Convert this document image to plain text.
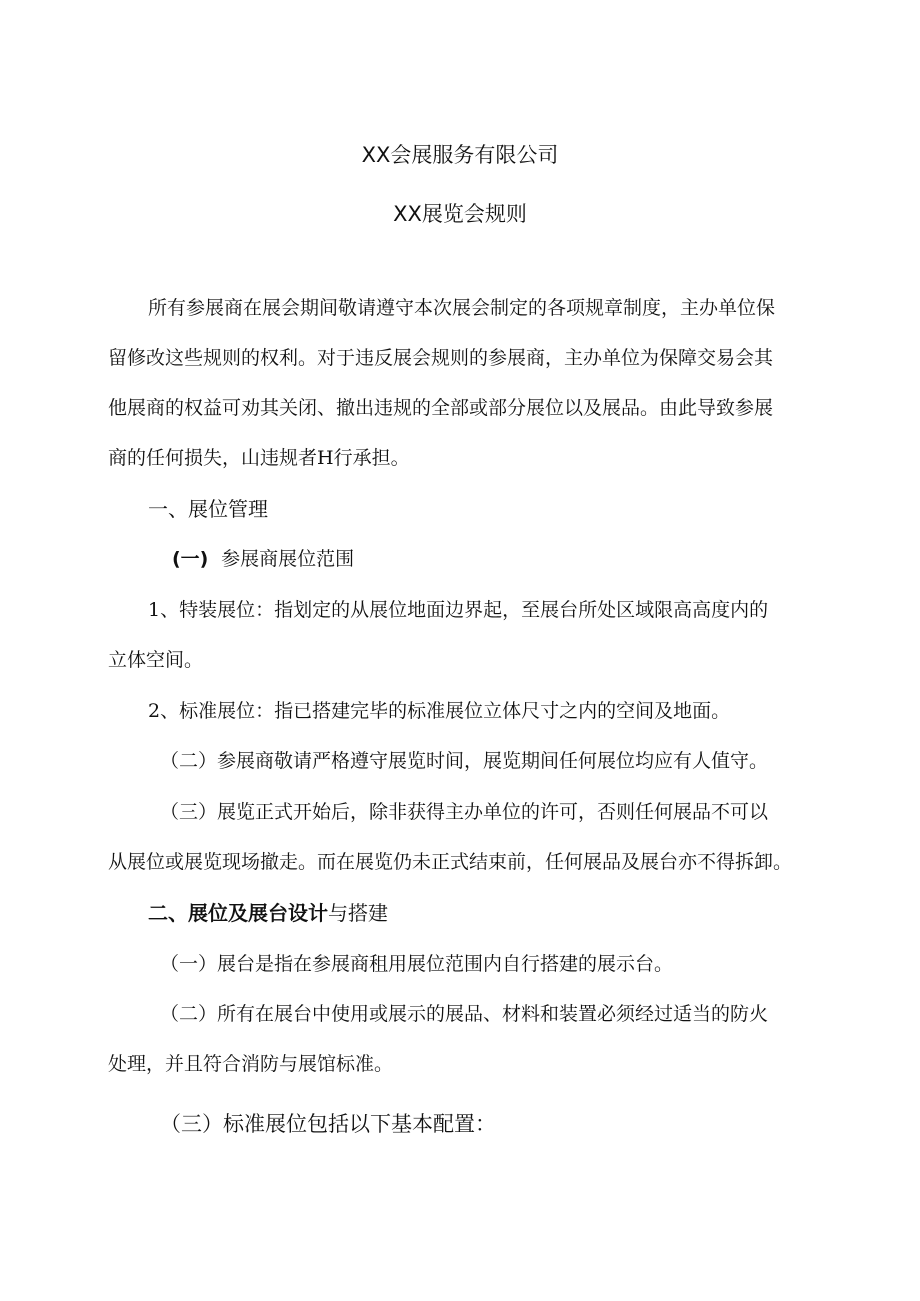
XX会展服务有限公司

XX展览会规则

所有参展商在展会期间敬请遵守本次展会制定的各项规章制度，主办单位保

留修改这些规则的权利。对于违反展会规则的参展商，主办单位为保障交易会其

他展商的权益可劝其关闭、撤出违规的全部或部分展位以及展品。由此导致参展

商的任何损失，山违规者H行承担。

一、展位管理

(一) 参展商展位范围

1、特装展位：指划定的从展位地面边界起，至展台所处区域限高高度内的

立体空间。

2、标准展位：指已搭建完毕的标准展位立体尺寸之内的空间及地面。

（二）参展商敬请严格遵守展览时间，展览期间任何展位均应有人值守。

（三）展览正式开始后，除非获得主办单位的许可，否则任何展品不可以

从展位或展览现场撤走。而在展览仍未正式结束前，任何展品及展台亦不得拆卸。

二、展位及展台设计与搭建

（一）展台是指在参展商租用展位范围内自行搭建的展示台。

（二）所有在展台中使用或展示的展品、材料和装置必须经过适当的防火

处理，并且符合消防与展馆标准。

（三）标准展位包括以下基本配置：
